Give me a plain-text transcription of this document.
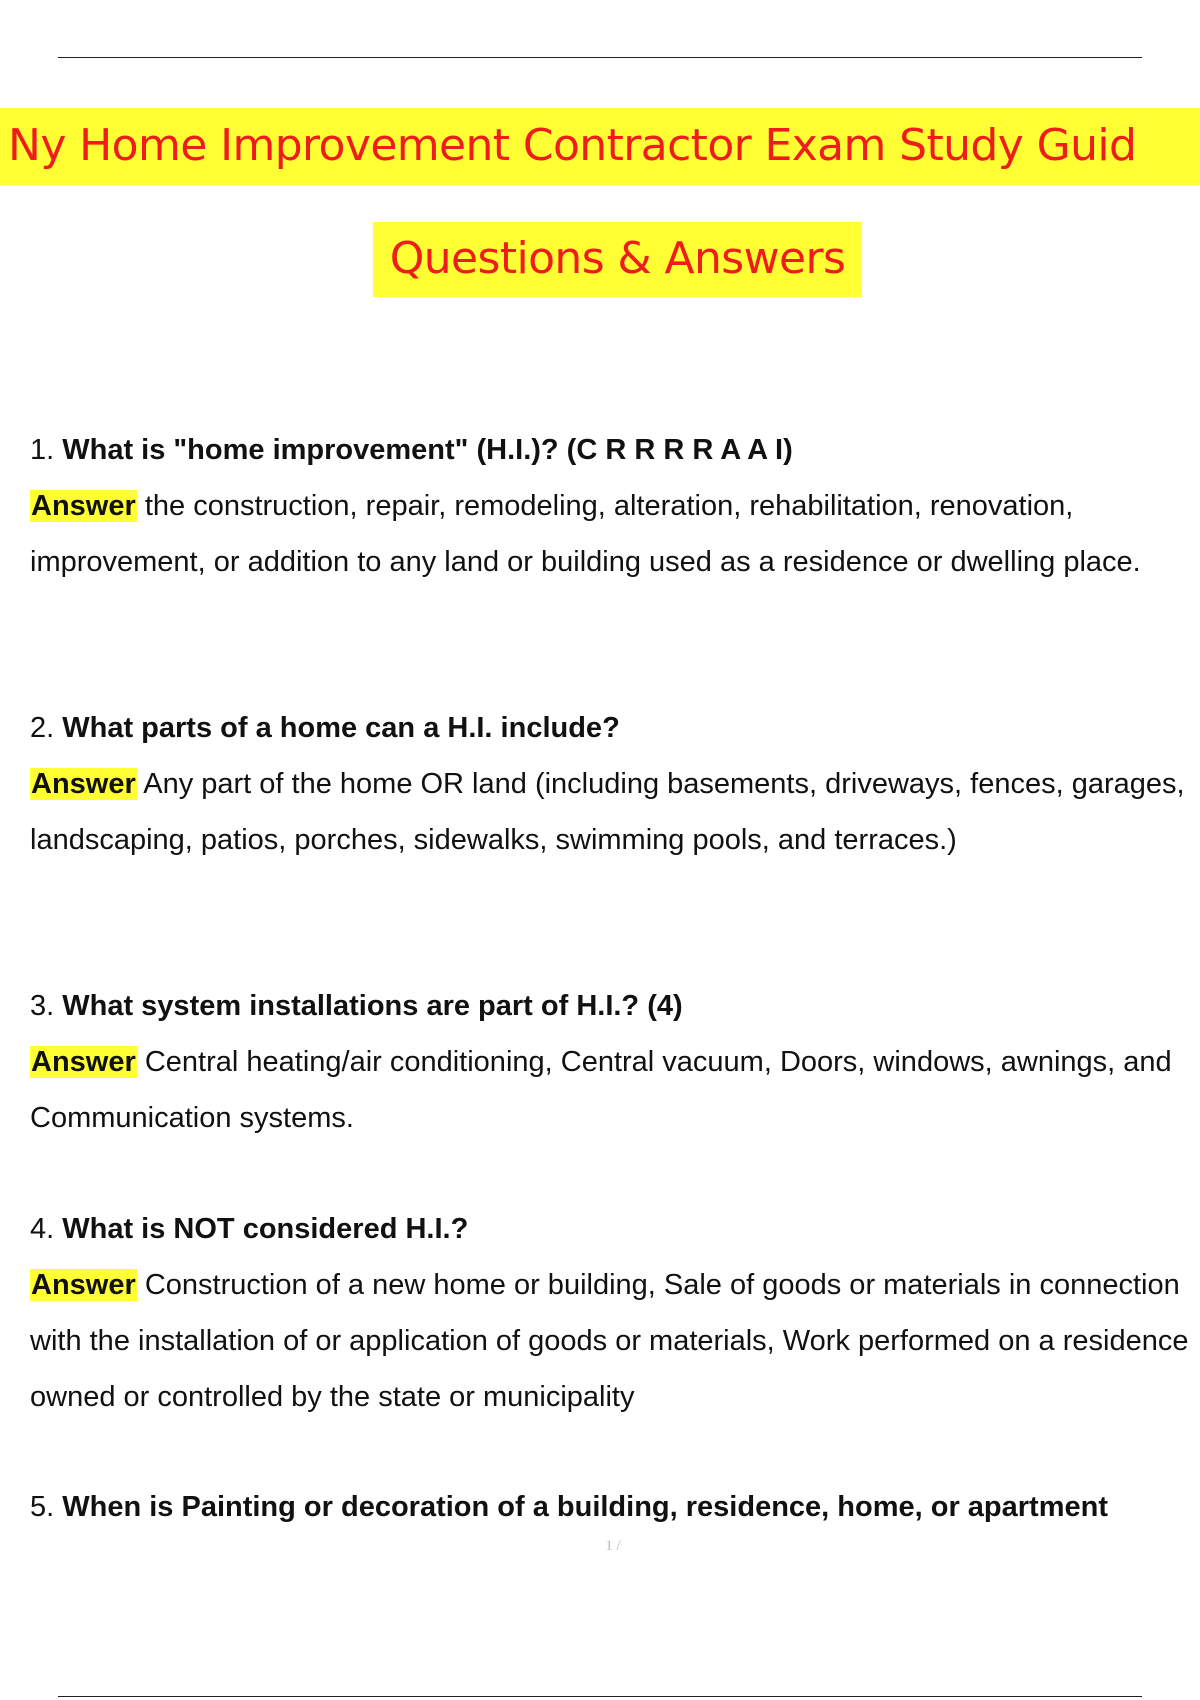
Ny Home Improvement Contractor Exam Study Guid
Questions & Answers
1. What is "home improvement" (H.I.)? (C R R R R A A I)
Answer the construction, repair, remodeling, alteration, rehabilitation, renovation, improvement, or addition to any land or building used as a residence or dwelling place.
2. What parts of a home can a H.I. include?
Answer Any part of the home OR land (including basements, driveways, fences, garages, landscaping, patios, porches, sidewalks, swimming pools, and terraces.)
3. What system installations are part of H.I.? (4)
Answer Central heating/air conditioning, Central vacuum, Doors, windows, awnings, and Communication systems.
4. What is NOT considered H.I.?
Answer Construction of a new home or building, Sale of goods or materials in connection with the installation of or application of goods or materials, Work performed on a residence owned or controlled by the state or municipality
5. When is Painting or decoration of a building, residence, home, or apartment
1 /
